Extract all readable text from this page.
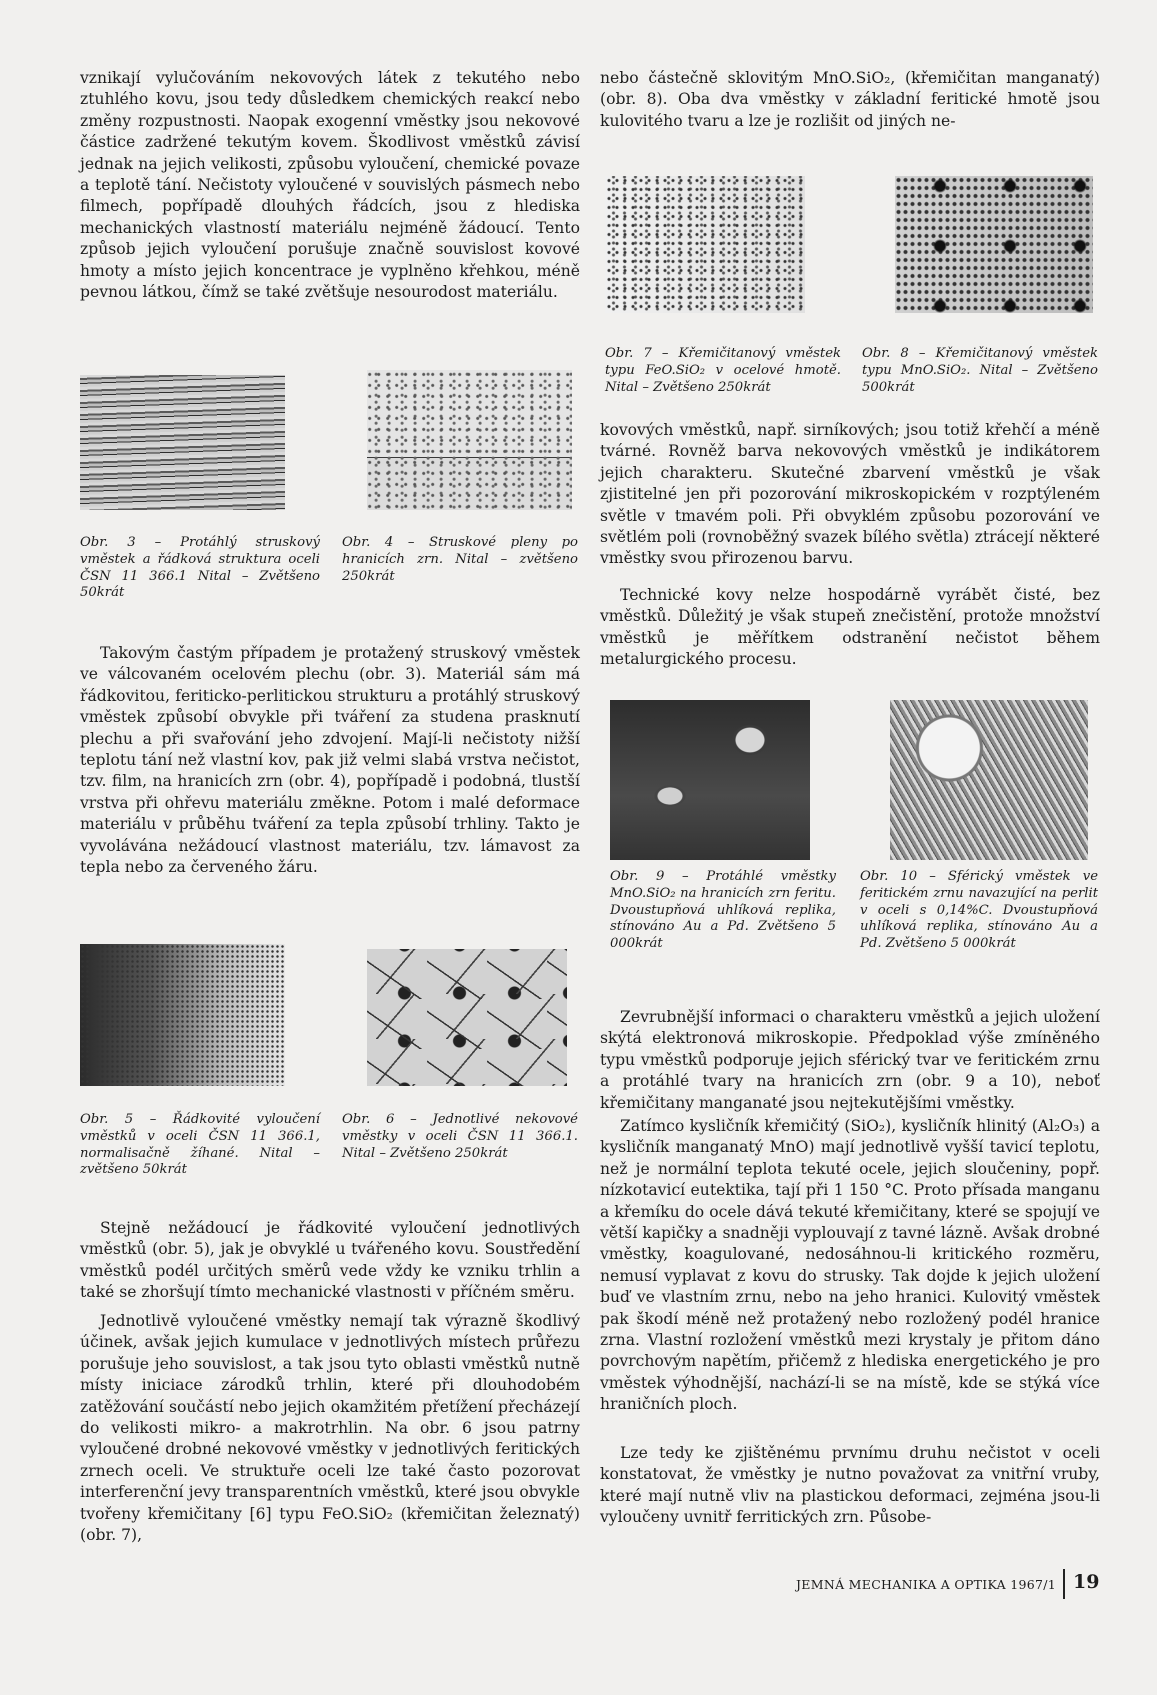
vznikají vylučováním nekovových látek z tekutého nebo ztuhlého kovu, jsou tedy důsledkem chemických reakcí nebo změny rozpustnosti. Naopak exogenní vměstky jsou nekovové částice zadržené tekutým kovem. Škodlivost vměstků závisí jednak na jejich velikosti, způsobu vyloučení, chemické povaze a teplotě tání. Nečistoty vyloučené v souvislých pásmech nebo filmech, popřípadě dlouhých řádcích, jsou z hlediska mechanických vlastností materiálu nejméně žádoucí. Tento způsob jejich vyloučení porušuje značně souvislost kovové hmoty a místo jejich koncentrace je vyplněno křehkou, méně pevnou látkou, čímž se také zvětšuje nesourodost materiálu.

Obr. 3 – Protáhlý struskový vměstek a řádková struktura oceli ČSN 11 366.1 Nital – Zvětšeno 50krát
Obr. 4 – Struskové pleny po hranicích zrn. Nital – zvětšeno 250krát

Takovým častým případem je protažený struskový vměstek ve válcovaném ocelovém plechu (obr. 3). Materiál sám má řádkovitou, feriticko-perlitickou strukturu a protáhlý struskový vměstek způsobí obvykle při tváření za studena prasknutí plechu a při svařování jeho zdvojení. Mají-li nečistoty nižší teplotu tání než vlastní kov, pak již velmi slabá vrstva nečistot, tzv. film, na hranicích zrn (obr. 4), popřípadě i podobná, tlustší vrstva při ohřevu materiálu změkne. Potom i malé deformace materiálu v průběhu tváření za tepla způsobí trhliny. Takto je vyvolávána nežádoucí vlastnost materiálu, tzv. lámavost za tepla nebo za červeného žáru.

Obr. 5 – Řádkovité vyloučení vměstků v oceli ČSN 11 366.1, normalisačně žíhané. Nital – zvětšeno 50krát
Obr. 6 – Jednotlivé nekovové vměstky v oceli ČSN 11 366.1. Nital – Zvětšeno 250krát

Stejně nežádoucí je řádkovité vyloučení jednotlivých vměstků (obr. 5), jak je obvyklé u tvářeného kovu. Soustředění vměstků podél určitých směrů vede vždy ke vzniku trhlin a také se zhoršují tímto mechanické vlastnosti v příčném směru.

Jednotlivě vyloučené vměstky nemají tak výrazně škodlivý účinek, avšak jejich kumulace v jednotlivých místech průřezu porušuje jeho souvislost, a tak jsou tyto oblasti vměstků nutně místy iniciace zárodků trhlin, které při dlouhodobém zatěžování součástí nebo jejich okamžitém přetížení přecházejí do velikosti mikro- a makrotrhlin. Na obr. 6 jsou patrny vyloučené drobné nekovové vměstky v jednotlivých feritických zrnech oceli. Ve struktuře oceli lze také často pozorovat interferenční jevy transparentních vměstků, které jsou obvykle tvořeny křemičitany [6] typu FeO.SiO₂ (křemičitan železnatý) (obr. 7),

nebo částečně sklovitým MnO.SiO₂, (křemičitan manganatý) (obr. 8). Oba dva vměstky v základní feritické hmotě jsou kulovitého tvaru a lze je rozlišit od jiných ne-

Obr. 7 – Křemičitanový vměstek typu FeO.SiO₂ v ocelové hmotě. Nital – Zvětšeno 250krát
Obr. 8 – Křemičitanový vměstek typu MnO.SiO₂. Nital – Zvětšeno 500krát

kovových vměstků, např. sirníkových; jsou totiž křehčí a méně tvárné. Rovněž barva nekovových vměstků je indikátorem jejich charakteru. Skutečné zbarvení vměstků je však zjistitelné jen při pozorování mikroskopickém v rozptýleném světle v tmavém poli. Při obvyklém způsobu pozorování ve světlém poli (rovnoběžný svazek bílého světla) ztrácejí některé vměstky svou přirozenou barvu.

Technické kovy nelze hospodárně vyrábět čisté, bez vměstků. Důležitý je však stupeň znečistění, protože množství vměstků je měřítkem odstranění nečistot během metalurgického procesu.

Obr. 9 – Protáhlé vměstky MnO.SiO₂ na hranicích zrn feritu. Dvoustupňová uhlíková replika, stínováno Au a Pd. Zvětšeno 5 000krát
Obr. 10 – Sférický vměstek ve feritickém zrnu navazující na perlit v oceli s 0,14%C. Dvoustupňová uhlíková replika, stínováno Au a Pd. Zvětšeno 5 000krát

Zevrubnější informaci o charakteru vměstků a jejich uložení skýtá elektronová mikroskopie. Předpoklad výše zmíněného typu vměstků podporuje jejich sférický tvar ve feritickém zrnu a protáhlé tvary na hranicích zrn (obr. 9 a 10), neboť křemičitany manganaté jsou nejtekutějšími vměstky.

Zatímco kysličník křemičitý (SiO₂), kysličník hlinitý (Al₂O₃) a kysličník manganatý MnO) mají jednotlivě vyšší tavicí teplotu, než je normální teplota tekuté ocele, jejich sloučeniny, popř. nízkotavicí eutektika, tají při 1 150 °C. Proto přísada manganu a křemíku do ocele dává tekuté křemičitany, které se spojují ve větší kapičky a snadněji vyplouvají z tavné lázně. Avšak drobné vměstky, koagulované, nedosáhnou-li kritického rozměru, nemusí vyplavat z kovu do strusky. Tak dojde k jejich uložení buď ve vlastním zrnu, nebo na jeho hranici. Kulovitý vměstek pak škodí méně než protažený nebo rozložený podél hranice zrna. Vlastní rozložení vměstků mezi krystaly je přitom dáno povrchovým napětím, přičemž z hlediska energetického je pro vměstek výhodnější, nachází-li se na místě, kde se stýká více hraničních ploch.

Lze tedy ke zjištěnému prvnímu druhu nečistot v oceli konstatovat, že vměstky je nutno považovat za vnitřní vruby, které mají nutně vliv na plastickou deformaci, zejména jsou-li vyloučeny uvnitř ferritických zrn. Působe-

JEMNÁ MECHANIKA A OPTIKA 1967/1 19
